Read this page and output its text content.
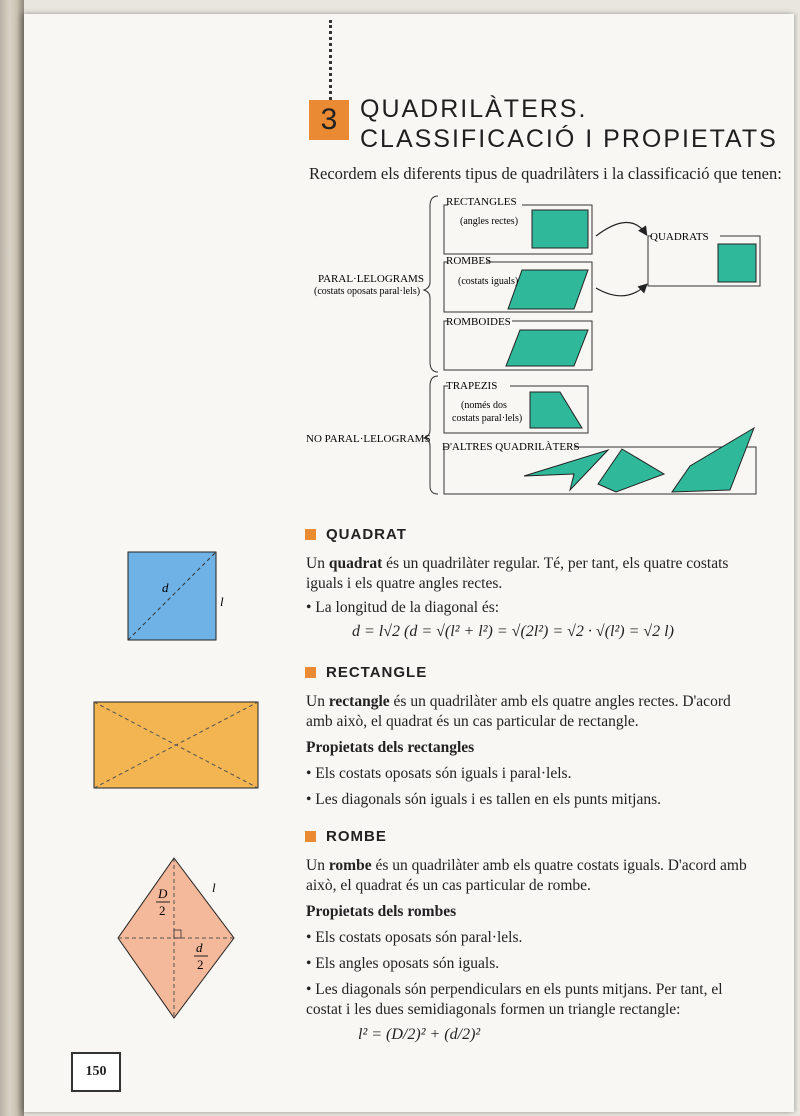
3 QUADRILÀTERS.
CLASSIFICACIÓ I PROPIETATS
Recordem els diferents tipus de quadrilàters i la classificació que tenen:
RECTANGLES
(angles rectes)
ROMBES
(costats iguals)
ROMBOIDES
QUADRATS
TRAPEZIS
(només dos
costats paral·lels)
D'ALTRES QUADRILÀTERS
PARAL·LELOGRAMS
(costats oposats paral·lels)
NO PARAL·LELOGRAMS
QUADRAT
Un quadrat és un quadrilàter regular. Té, per tant, els quatre costats iguals i els quatre angles rectes.
• La longitud de la diagonal és:
d = l√2 (d = √(l² + l²) = √(2l²) = √2 · √(l²) = √2 l)
d
l
RECTANGLE
Un rectangle és un quadrilàter amb els quatre angles rectes. D'acord amb això, el quadrat és un cas particular de rectangle.
Propietats dels rectangles
• Els costats oposats són iguals i paral·lels.
• Les diagonals són iguals i es tallen en els punts mitjans.
ROMBE
Un rombe és un quadrilàter amb els quatre costats iguals. D'acord amb això, el quadrat és un cas particular de rombe.
Propietats dels rombes
• Els costats oposats són paral·lels.
• Els angles oposats són iguals.
• Les diagonals són perpendiculars en els punts mitjans. Per tant, el costat i les dues semidiagonals formen un triangle rectangle:
l² = (D/2)² + (d/2)²
D
2
d
2
l
150
